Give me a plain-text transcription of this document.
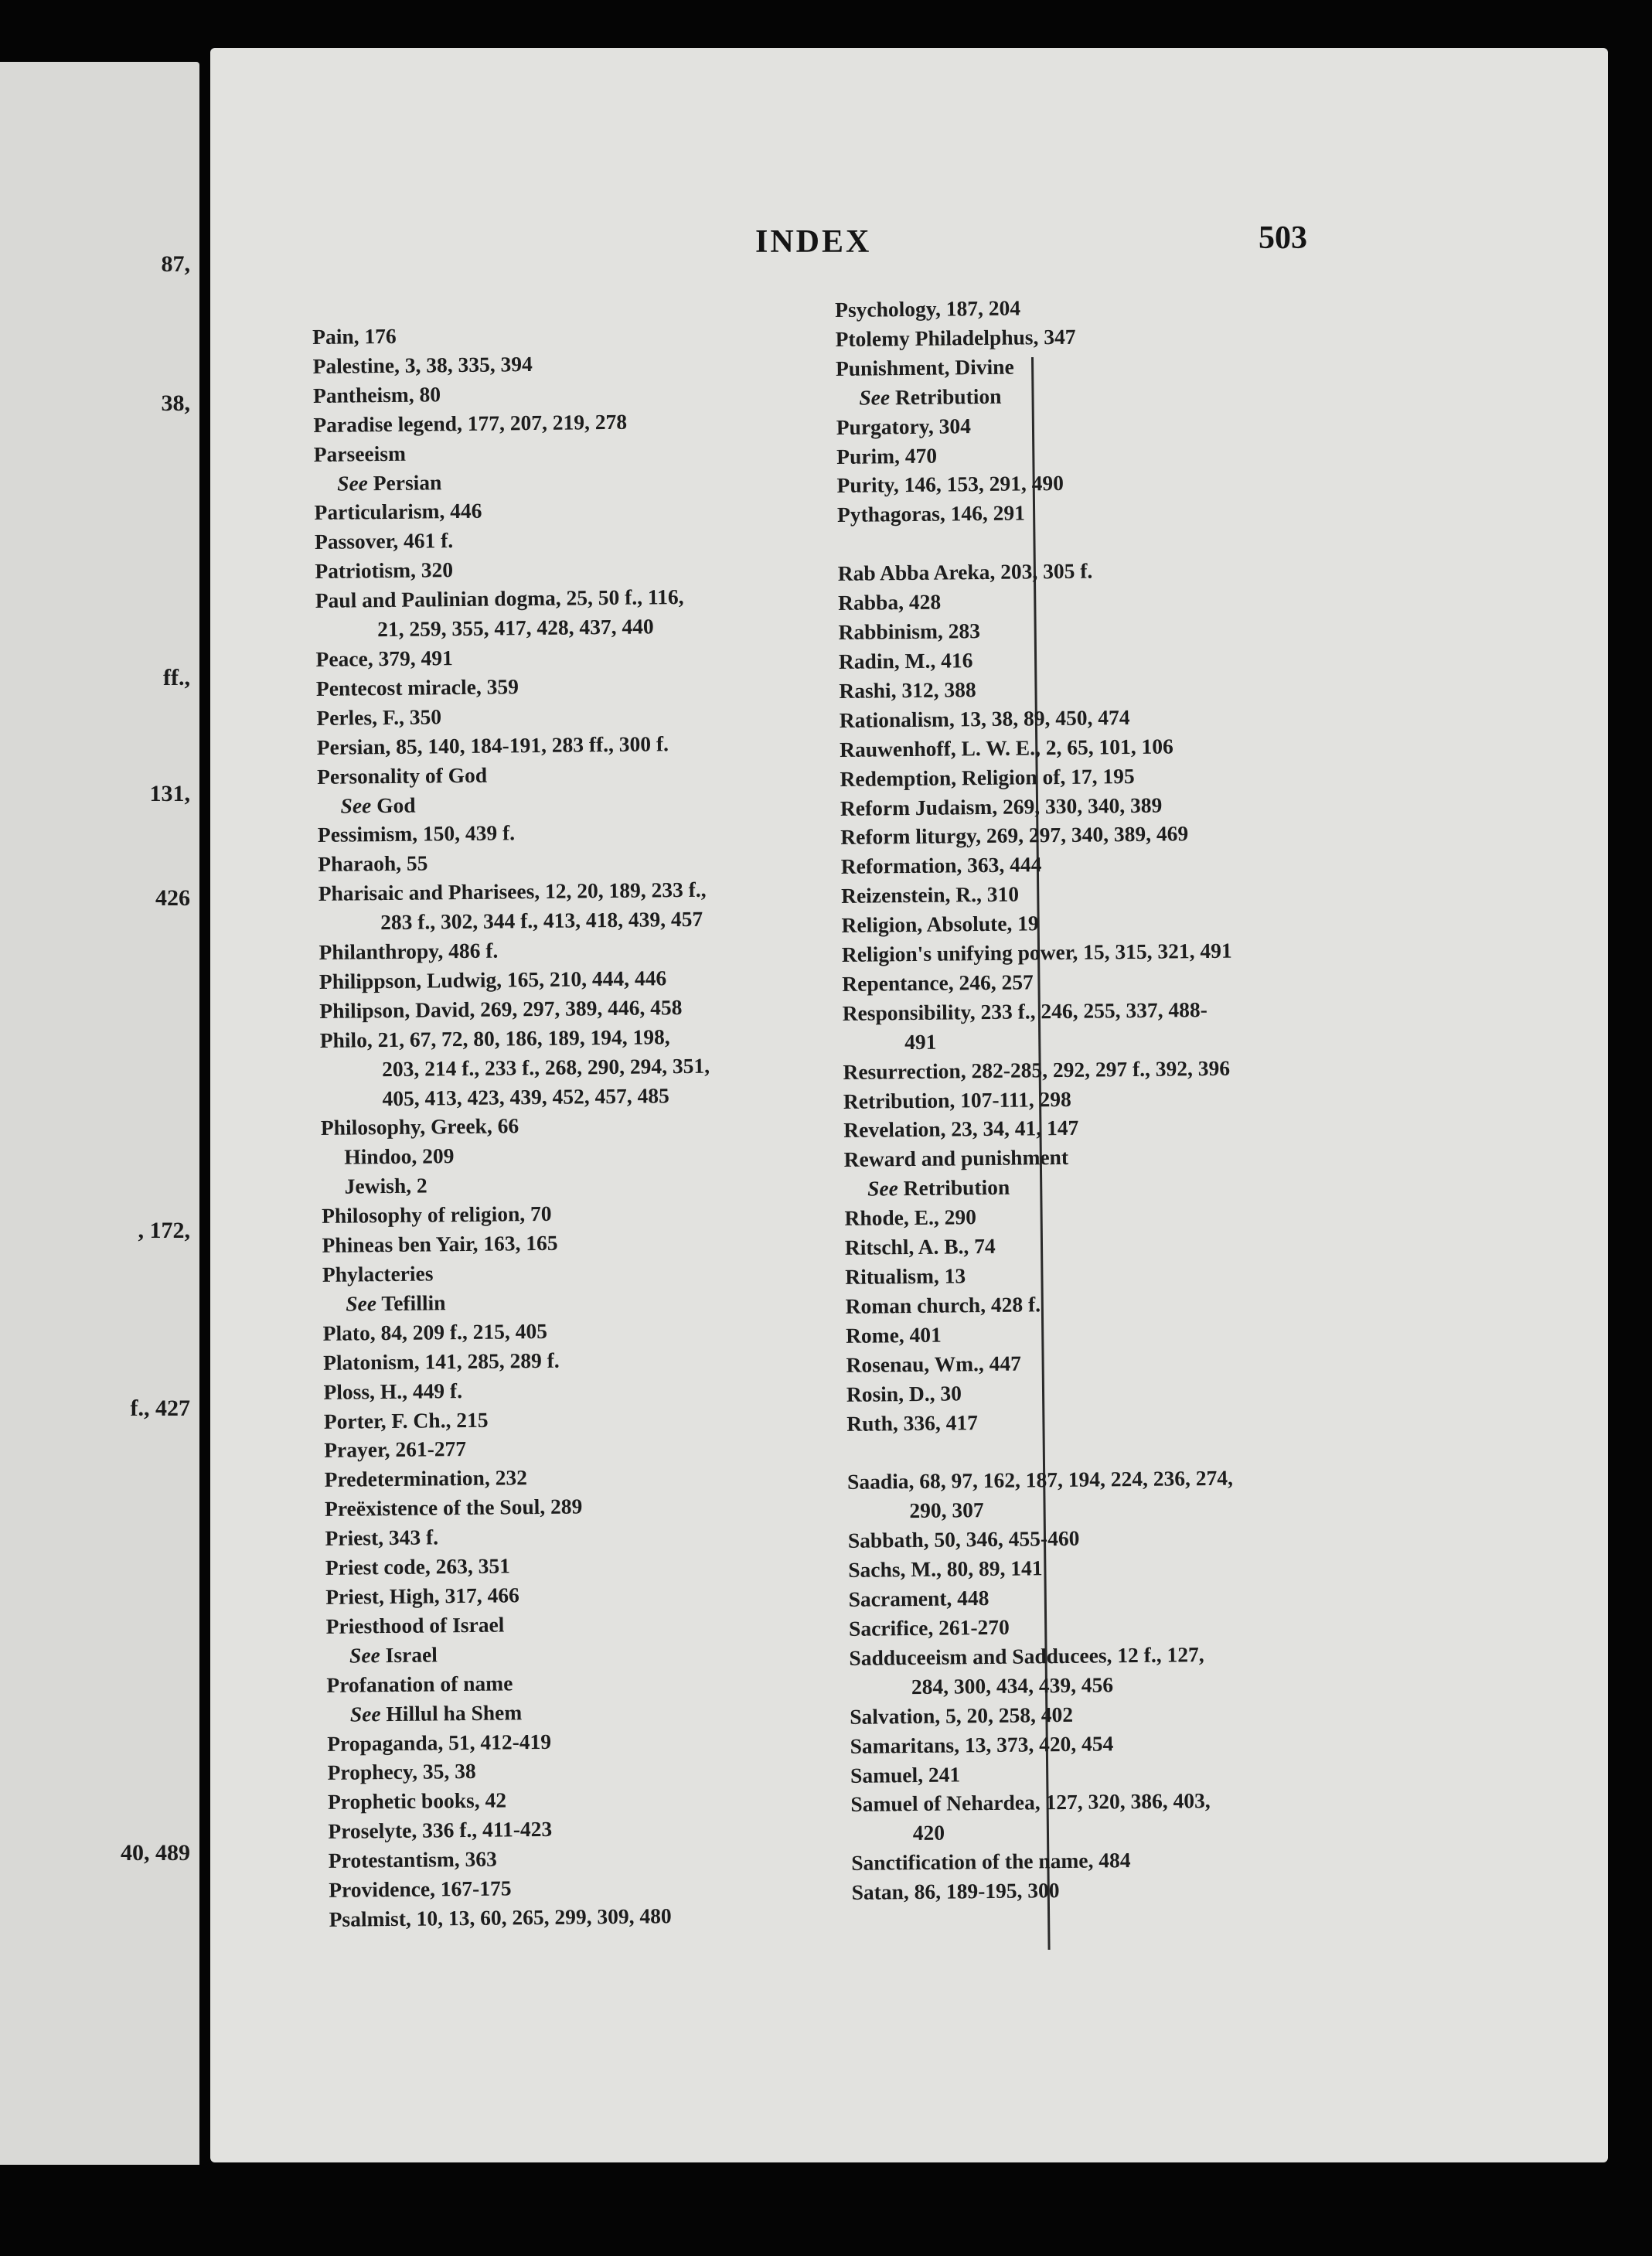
87,
38,
ff.,
131,
426
, 172,
f., 427
40, 489
INDEX	503
Pain, 176
Palestine, 3, 38, 335, 394
Pantheism, 80
Paradise legend, 177, 207, 219, 278
Parseeism
See Persian
Particularism, 446
Passover, 461 f.
Patriotism, 320
Paul and Paulinian dogma, 25, 50 f., 116,
21, 259, 355, 417, 428, 437, 440
Peace, 379, 491
Pentecost miracle, 359
Perles, F., 350
Persian, 85, 140, 184-191, 283 ff., 300 f.
Personality of God
See God
Pessimism, 150, 439 f.
Pharaoh, 55
Pharisaic and Pharisees, 12, 20, 189, 233 f.,
283 f., 302, 344 f., 413, 418, 439, 457
Philanthropy, 486 f.
Philippson, Ludwig, 165, 210, 444, 446
Philipson, David, 269, 297, 389, 446, 458
Philo, 21, 67, 72, 80, 186, 189, 194, 198,
203, 214 f., 233 f., 268, 290, 294, 351,
405, 413, 423, 439, 452, 457, 485
Philosophy, Greek, 66
Hindoo, 209
Jewish, 2
Philosophy of religion, 70
Phineas ben Yair, 163, 165
Phylacteries
See Tefillin
Plato, 84, 209 f., 215, 405
Platonism, 141, 285, 289 f.
Ploss, H., 449 f.
Porter, F. Ch., 215
Prayer, 261-277
Predetermination, 232
Preëxistence of the Soul, 289
Priest, 343 f.
Priest code, 263, 351
Priest, High, 317, 466
Priesthood of Israel
See Israel
Profanation of name
See Hillul ha Shem
Propaganda, 51, 412-419
Prophecy, 35, 38
Prophetic books, 42
Proselyte, 336 f., 411-423
Protestantism, 363
Providence, 167-175
Psalmist, 10, 13, 60, 265, 299, 309, 480
Psychology, 187, 204
Ptolemy Philadelphus, 347
Punishment, Divine
See Retribution
Purgatory, 304
Purim, 470
Purity, 146, 153, 291, 490
Pythagoras, 146, 291
Rab Abba Areka, 203, 305 f.
Rabba, 428
Rabbinism, 283
Radin, M., 416
Rashi, 312, 388
Rationalism, 13, 38, 89, 450, 474
Rauwenhoff, L. W. E., 2, 65, 101, 106
Redemption, Religion of, 17, 195
Reform Judaism, 269, 330, 340, 389
Reform liturgy, 269, 297, 340, 389, 469
Reformation, 363, 444
Reizenstein, R., 310
Religion, Absolute, 19
Religion's unifying power, 15, 315, 321, 491
Repentance, 246, 257
Responsibility, 233 f., 246, 255, 337, 488-
491
Resurrection, 282-285, 292, 297 f., 392, 396
Retribution, 107-111, 298
Revelation, 23, 34, 41, 147
Reward and punishment
See Retribution
Rhode, E., 290
Ritschl, A. B., 74
Ritualism, 13
Roman church, 428 f.
Rome, 401
Rosenau, Wm., 447
Rosin, D., 30
Ruth, 336, 417
Saadia, 68, 97, 162, 187, 194, 224, 236, 274,
290, 307
Sabbath, 50, 346, 455-460
Sachs, M., 80, 89, 141
Sacrament, 448
Sacrifice, 261-270
Sadduceeism and Sadducees, 12 f., 127,
284, 300, 434, 439, 456
Salvation, 5, 20, 258, 402
Samaritans, 13, 373, 420, 454
Samuel, 241
Samuel of Nehardea, 127, 320, 386, 403,
420
Sanctification of the name, 484
Satan, 86, 189-195, 300
